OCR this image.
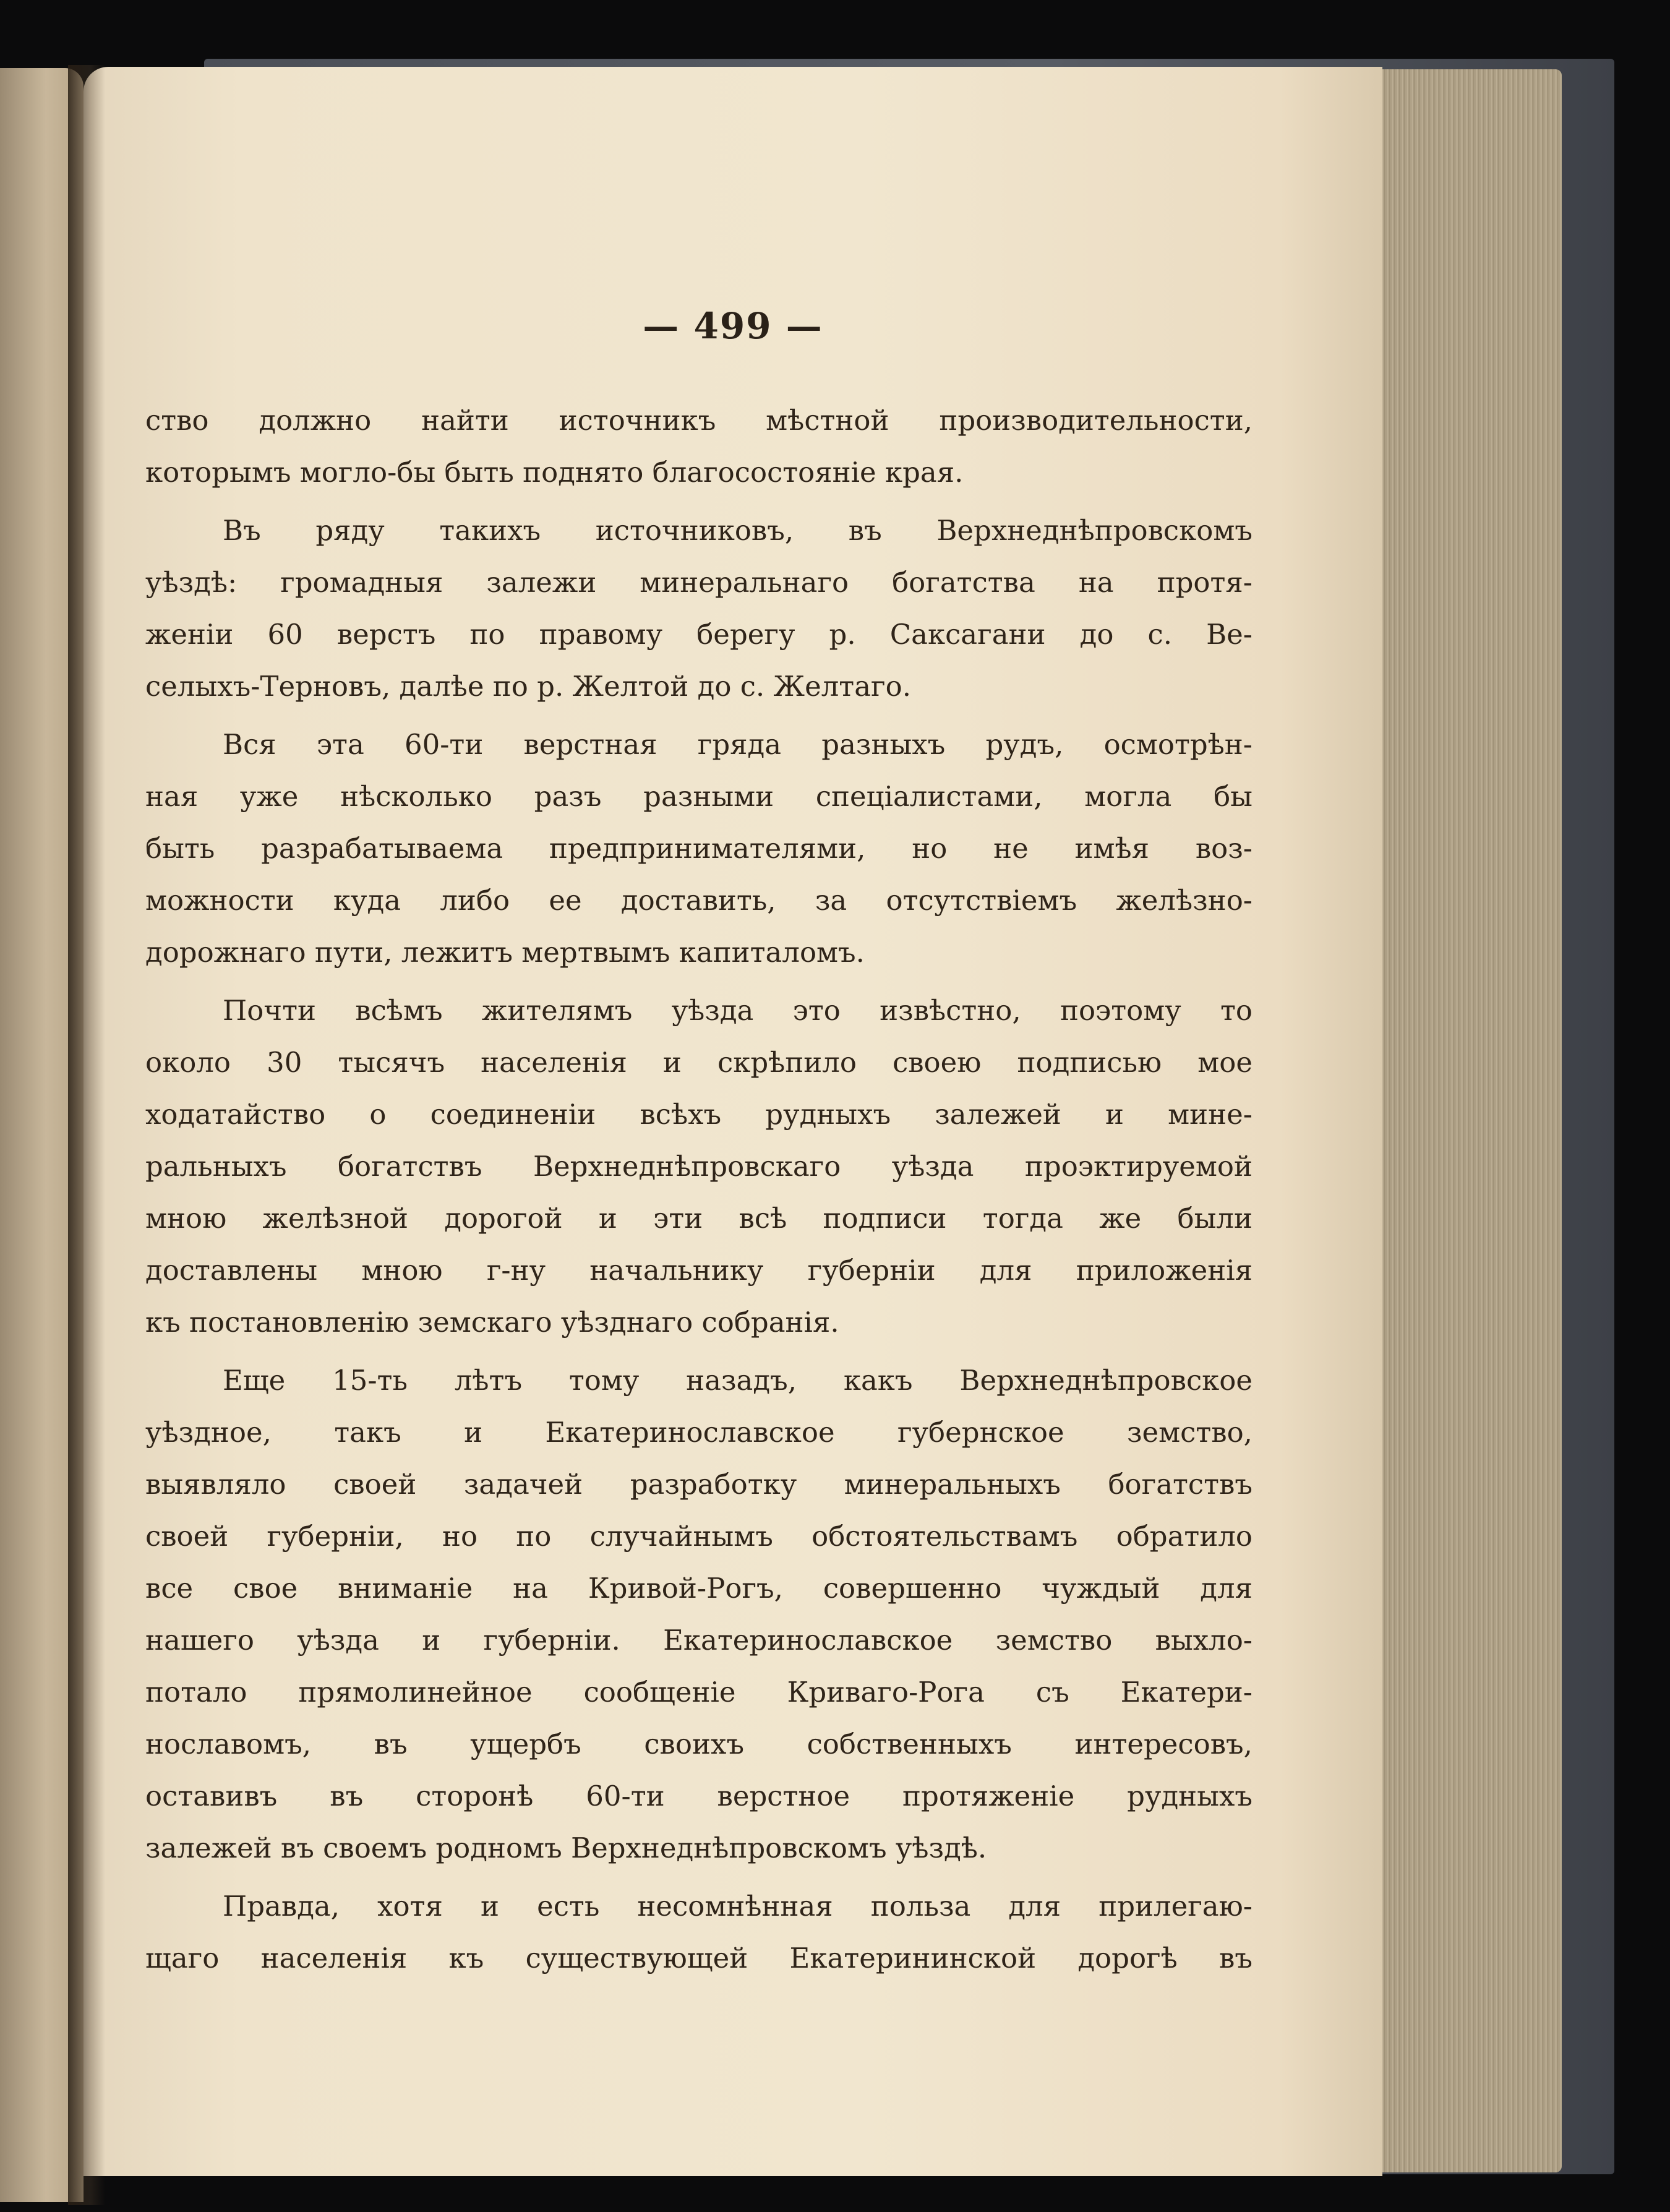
— 499 —
ство должно найти источникъ мѣстной производительности,
которымъ могло-бы быть поднято благосостояніе края.
Въ ряду такихъ источниковъ, въ Верхнеднѣпровскомъ
уѣздѣ: громадныя залежи минеральнаго богатства на протя-
женіи 60 верстъ по правому берегу р. Саксагани до с. Ве-
селыхъ-Терновъ, далѣе по р. Желтой до с. Желтаго.
Вся эта 60-ти верстная гряда разныхъ рудъ, осмотрѣн-
ная уже нѣсколько разъ разными спеціалистами, могла бы
быть разрабатываема предпринимателями, но не имѣя воз-
можности куда либо ее доставить, за отсутствіемъ желѣзно-
дорожнаго пути, лежитъ мертвымъ капиталомъ.
Почти всѣмъ жителямъ уѣзда это извѣстно, поэтому то
около 30 тысячъ населенія и скрѣпило своею подписью мое
ходатайство о соединеніи всѣхъ рудныхъ залежей и мине-
ральныхъ богатствъ Верхнеднѣпровскаго уѣзда проэктируемой
мною желѣзной дорогой и эти всѣ подписи тогда же были
доставлены мною г-ну начальнику губерніи для приложенія
къ постановленію земскаго уѣзднаго собранія.
Еще 15-ть лѣтъ тому назадъ, какъ Верхнеднѣпровское
уѣздное, такъ и Екатеринославское губернское земство,
выявляло своей задачей разработку минеральныхъ богатствъ
своей губерніи, но по случайнымъ обстоятельствамъ обратило
все свое вниманіе на Кривой-Рогъ, совершенно чуждый для
нашего уѣзда и губерніи. Екатеринославское земство выхло-
потало прямолинейное сообщеніе Криваго-Рога съ Екатери-
нославомъ, въ ущербъ своихъ собственныхъ интересовъ,
оставивъ въ сторонѣ 60-ти верстное протяженіе рудныхъ
залежей въ своемъ родномъ Верхнеднѣпровскомъ уѣздѣ.
Правда, хотя и есть несомнѣнная польза для прилегаю-
щаго населенія къ существующей Екатерининской дорогѣ въ
